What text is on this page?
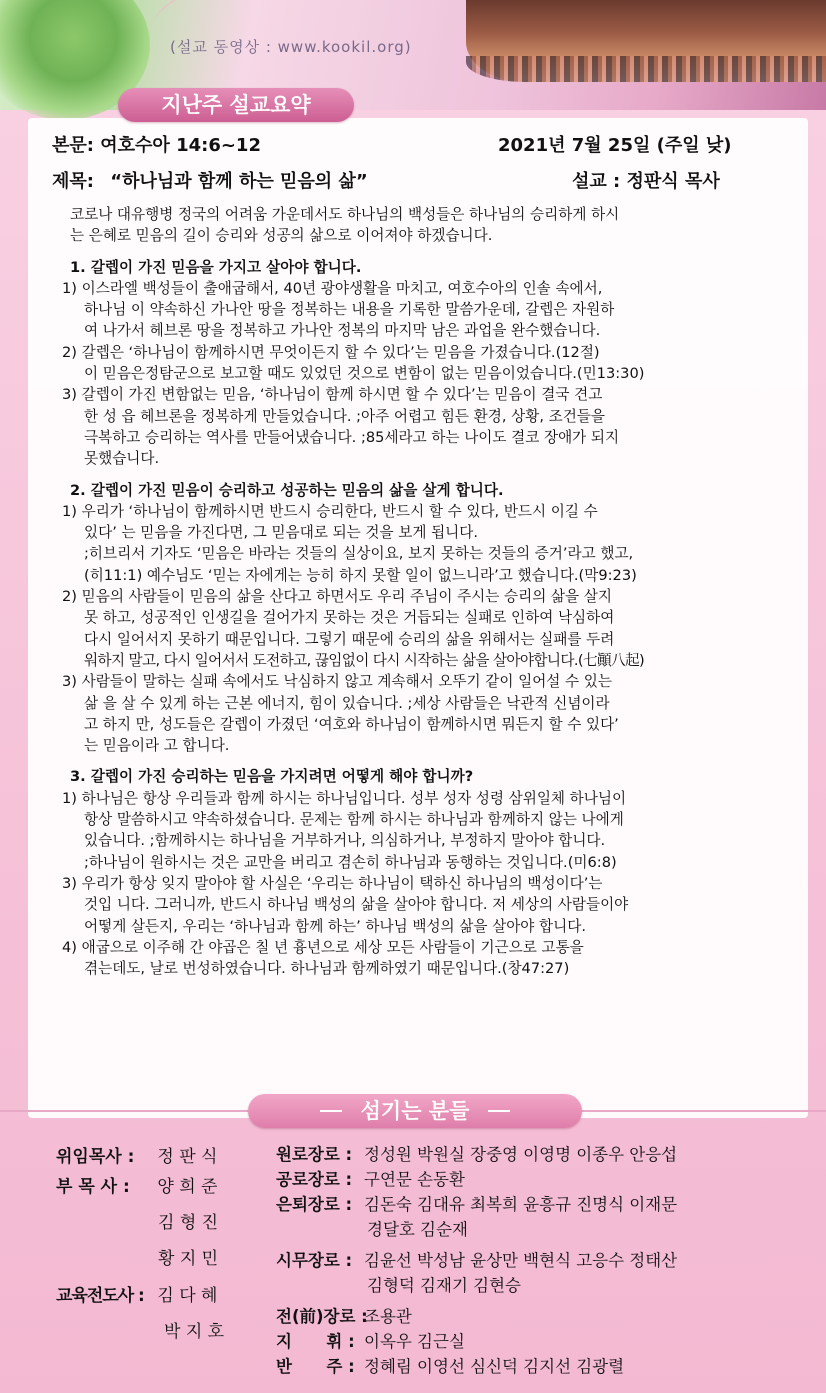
(설교 동영상 : www.kookil.org)
지난주 설교요약
본문: 여호수아 14:6~12	2021년 7월 25일 (주일 낮)
제목: “하나님과 함께 하는 믿음의 삶”	설교 : 정판식 목사

코로나 대유행병 정국의 어려움 가운데서도 하나님의 백성들은 하나님의 승리하게 하시

는 은혜로 믿음의 길이 승리와 성공의 삶으로 이어져야 하겠습니다.

1. 갈렙이 가진 믿음을 가지고 살아야 합니다.

1) 이스라엘 백성들이 출애굽해서, 40년 광야생활을 마치고, 여호수아의 인솔 속에서,

하나님 이 약속하신 가나안 땅을 정복하는 내용을 기록한 말씀가운데, 갈렙은 자원하

여 나가서 헤브론 땅을 정복하고 가나안 정복의 마지막 남은 과업을 완수했습니다.

2) 갈렙은 ‘하나님이 함께하시면 무엇이든지 할 수 있다’는 믿음을 가졌습니다.(12절)

이 믿음은정탐군으로 보고할 때도 있었던 것으로 변함이 없는 믿음이었습니다.(민13:30)

3) 갈렙이 가진 변함없는 믿음, ‘하나님이 함께 하시면 할 수 있다’는 믿음이 결국 견고

한 성 읍 헤브론을 정복하게 만들었습니다. ;아주 어렵고 힘든 환경, 상황, 조건들을

극복하고 승리하는 역사를 만들어냈습니다. ;85세라고 하는 나이도 결코 장애가 되지

못했습니다.

2. 갈렙이 가진 믿음이 승리하고 성공하는 믿음의 삶을 살게 합니다.

1) 우리가 ‘하나님이 함께하시면 반드시 승리한다, 반드시 할 수 있다, 반드시 이길 수

있다’ 는 믿음을 가진다면, 그 믿음대로 되는 것을 보게 됩니다.

;히브리서 기자도 ‘믿음은 바라는 것들의 실상이요, 보지 못하는 것들의 증거’라고 했고,

(히11:1) 예수님도 ‘믿는 자에게는 능히 하지 못할 일이 없느니라’고 했습니다.(막9:23)

2) 믿음의 사람들이 믿음의 삶을 산다고 하면서도 우리 주님이 주시는 승리의 삶을 살지

못 하고, 성공적인 인생길을 걸어가지 못하는 것은 거듭되는 실패로 인하여 낙심하여

다시 일어서지 못하기 때문입니다. 그렇기 때문에 승리의 삶을 위해서는 실패를 두려

워하지 말고, 다시 일어서서 도전하고, 끊임없이 다시 시작하는 삶을 살아야합니다.(七顚八起)

3) 사람들이 말하는 실패 속에서도 낙심하지 않고 계속해서 오뚜기 같이 일어설 수 있는

삶 을 살 수 있게 하는 근본 에너지, 힘이 있습니다. ;세상 사람들은 낙관적 신념이라

고 하지 만, 성도들은 갈렙이 가졌던 ‘여호와 하나님이 함께하시면 뭐든지 할 수 있다’

는 믿음이라 고 합니다.

3. 갈렙이 가진 승리하는 믿음을 가지려면 어떻게 해야 합니까?

1) 하나님은 항상 우리들과 함께 하시는 하나님입니다. 성부 성자 성령 삼위일체 하나님이

항상 말씀하시고 약속하셨습니다. 문제는 함께 하시는 하나님과 함께하지 않는 나에게

있습니다. ;함께하시는 하나님을 거부하거나, 의심하거나, 부정하지 말아야 합니다.

;하나님이 원하시는 것은 교만을 버리고 겸손히 하나님과 동행하는 것입니다.(미6:8)

3) 우리가 항상 잊지 말아야 할 사실은 ‘우리는 하나님이 택하신 하나님의 백성이다’는

것입 니다. 그러니까, 반드시 하나님 백성의 삶을 살아야 합니다. 저 세상의 사람들이야

어떻게 살든지, 우리는 ‘하나님과 함께 하는’ 하나님 백성의 삶을 살아야 합니다.

4) 애굽으로 이주해 간 야곱은 칠 년 흉년으로 세상 모든 사람들이 기근으로 고통을

겪는데도, 날로 번성하였습니다. 하나님과 함께하였기 때문입니다.(창47:27)

섬기는 분들
위임목사 : 정 판 식
부 목 사 : 양 희 준
김 형 진
황 지 민
교육전도사 : 김 다 혜
박 지 호
원로장로 : 정성원 박원실 장중영 이영명 이종우 안응섭
공로장로 : 구연문 손동환
은퇴장로 : 김돈숙 김대유 최복희 윤흥규 진명식 이재문
경달호 김순재
시무장로 : 김윤선 박성남 윤상만 백현식 고응수 정태산
김형덕 김재기 김현승
전(前)장로 :조용관
지      휘 : 이옥우 김근실
반      주 : 정혜림 이영선 심신덕 김지선 김광렬
